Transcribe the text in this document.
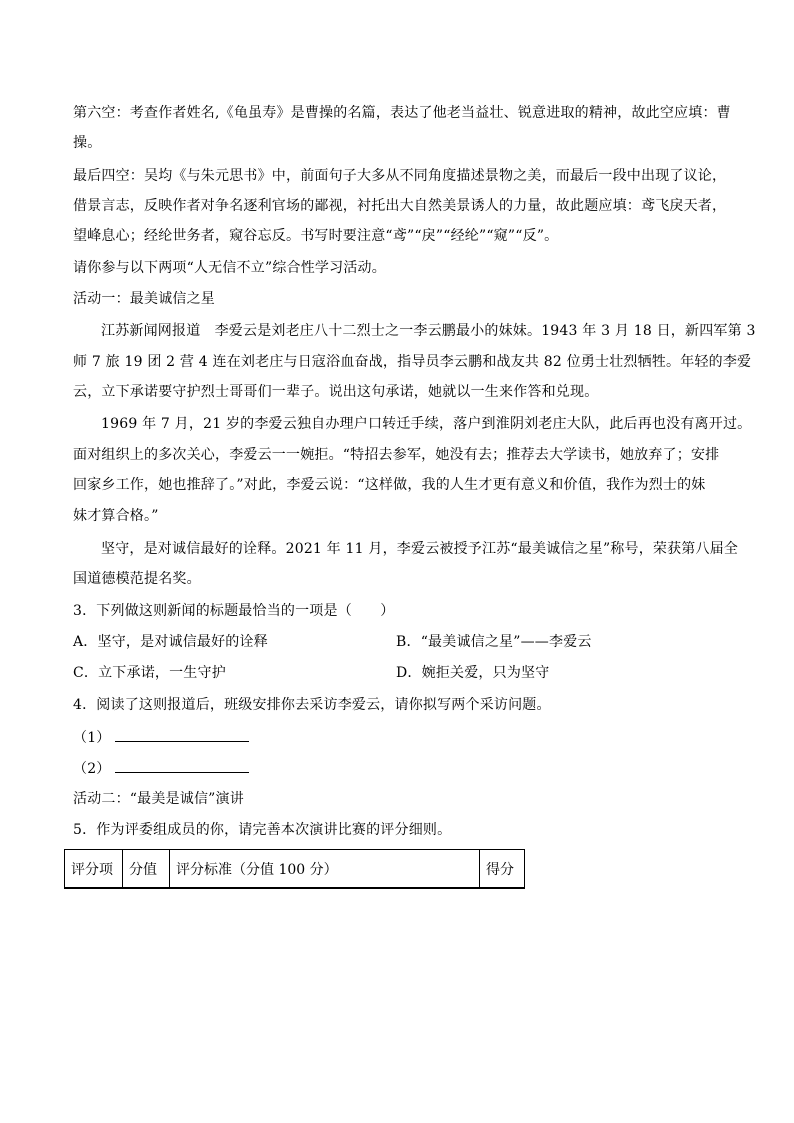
第六空：考查作者姓名,《龟虽寿》是曹操的名篇，表达了他老当益壮、锐意进取的精神，故此空应填：曹
操。
最后四空：吴均《与朱元思书》中，前面句子大多从不同角度描述景物之美，而最后一段中出现了议论，
借景言志，反映作者对争名逐利官场的鄙视，衬托出大自然美景诱人的力量，故此题应填：鸢飞戾天者，
望峰息心；经纶世务者，窥谷忘反。书写时要注意“鸢”“戾”“经纶”“窥”“反”。
请你参与以下两项“人无信不立”综合性学习活动。
活动一：最美诚信之星
江苏新闻网报道　李爱云是刘老庄八十二烈士之一李云鹏最小的妹妹。1943 年 3 月 18 日，新四军第 3
师 7 旅 19 团 2 营 4 连在刘老庄与日寇浴血奋战，指导员李云鹏和战友共 82 位勇士壮烈牺牲。年轻的李爱
云，立下承诺要守护烈士哥哥们一辈子。说出这句承诺，她就以一生来作答和兑现。
1969 年 7 月，21 岁的李爱云独自办理户口转迁手续，落户到淮阴刘老庄大队，此后再也没有离开过。
面对组织上的多次关心，李爱云一一婉拒。“特招去参军，她没有去；推荐去大学读书，她放弃了；安排
回家乡工作，她也推辞了。”对此，李爱云说：“这样做，我的人生才更有意义和价值，我作为烈士的妹
妹才算合格。”
坚守，是对诚信最好的诠释。2021 年 11 月，李爱云被授予江苏“最美诚信之星”称号，荣获第八届全
国道德模范提名奖。
3．下列做这则新闻的标题最恰当的一项是（　　）
A．坚守，是对诚信最好的诠释	B．“最美诚信之星”——李爱云
C．立下承诺，一生守护	D．婉拒关爱，只为坚守
4．阅读了这则报道后，班级安排你去采访李爱云，请你拟写两个采访问题。
（1）
（2）
活动二：“最美是诚信”演讲
5．作为评委组成员的你，请完善本次演讲比赛的评分细则。
评分项	分值	评分标准（分值 100 分）	得分
